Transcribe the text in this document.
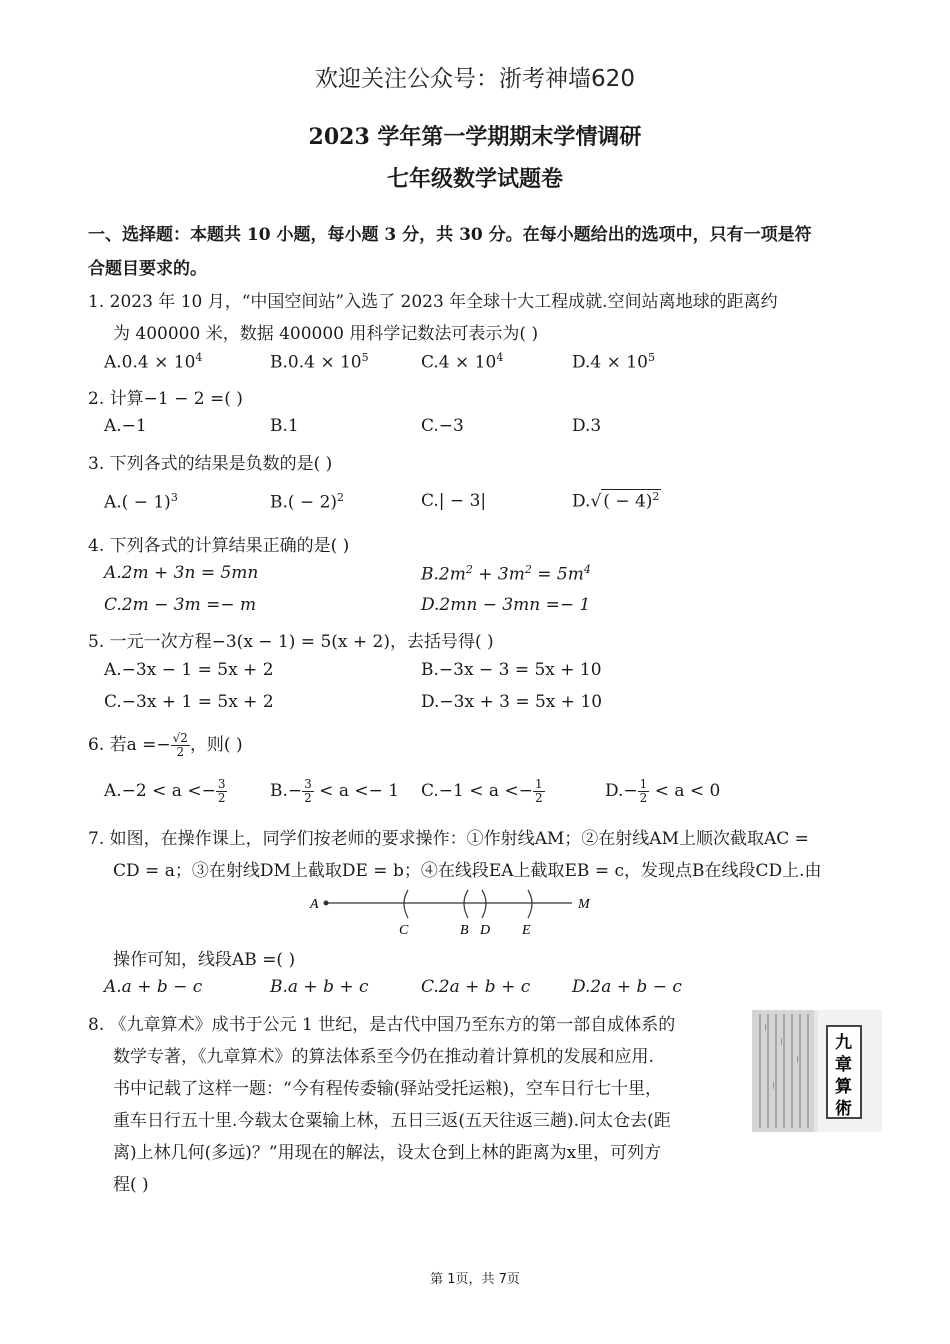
欢迎关注公众号：浙考神墙620
2023 学年第一学期期末学情调研
七年级数学试题卷
一、选择题：本题共 10 小题，每小题 3 分，共 30 分。在每小题给出的选项中，只有一项是符
合题目要求的。
1. 2023 年 10 月，“中国空间站”入选了 2023 年全球十大工程成就.空间站离地球的距离约
为 400000 米，数据 400000 用科学记数法可表示为( )
$A.0.4 \times 10^4$	$B.0.4 \times 10^5$	$C.4 \times 10^4$	$D.4 \times 10^5$
2. 计算−1 − 2 =( )
A.−1	B.1	C.−3	D.3
3. 下列各式的结果是负数的是( )
$A.( - 1)^3$	$B.( - 2)^2$	C.| − 3|	D.√ ( − 4)$^2$
4. 下列各式的计算结果正确的是( )
A.2m + 3n = 5mn	$B.2m^2 + 3m^2 = 5m^4$
C.2m − 3m =− m	D.2mn − 3mn =− 1
5. 一元一次方程−3(x − 1) = 5(x + 2)，去括号得( )
A.−3x − 1 = 5x + 2	B.−3x − 3 = 5x + 10
C.−3x + 1 = 5x + 2	D.−3x + 3 = 5x + 10
6. 若$a =- \frac{√2}{2}$ ，则( )
$A.-2 < a <- \frac{3}{2}$	$B.- \frac{3}{2} < a <- 1$ $C.-1 < a <- \frac{1}{2}$	$D.- \frac{1}{2} < a < 0$
7. 如图，在操作课上，同学们按老师的要求操作：①作射线AM；②在射线AM上顺次截取AC =
CD = a；③在射线DM上截取DE = b；④在线段EA上截取EB = c，发现点B在线段CD上.由
A	M
C	B D E
操作可知，线段AB =( )
A.a + b − c	B.a + b + c	C.2a + b + c D.2a + b − c
8. 《九章算术》成书于公元 1 世纪，是古代中国乃至东方的第一部自成体系的
数学专著，《九章算术》的算法体系至今仍在推动着计算机的发展和应用.
书中记载了这样一题：“今有程传委输(驿站受托运粮)，空车日行七十里，
重车日行五十里.今载太仓粟输上林，五日三返(五天往返三趟).问太仓去(距
离)上林几何(多远)？”用现在的解法，设太仓到上林的距离为x里，可列方
程( )
丨
丨
丨
丨
九
章
算
術
第 1页，共 7页
